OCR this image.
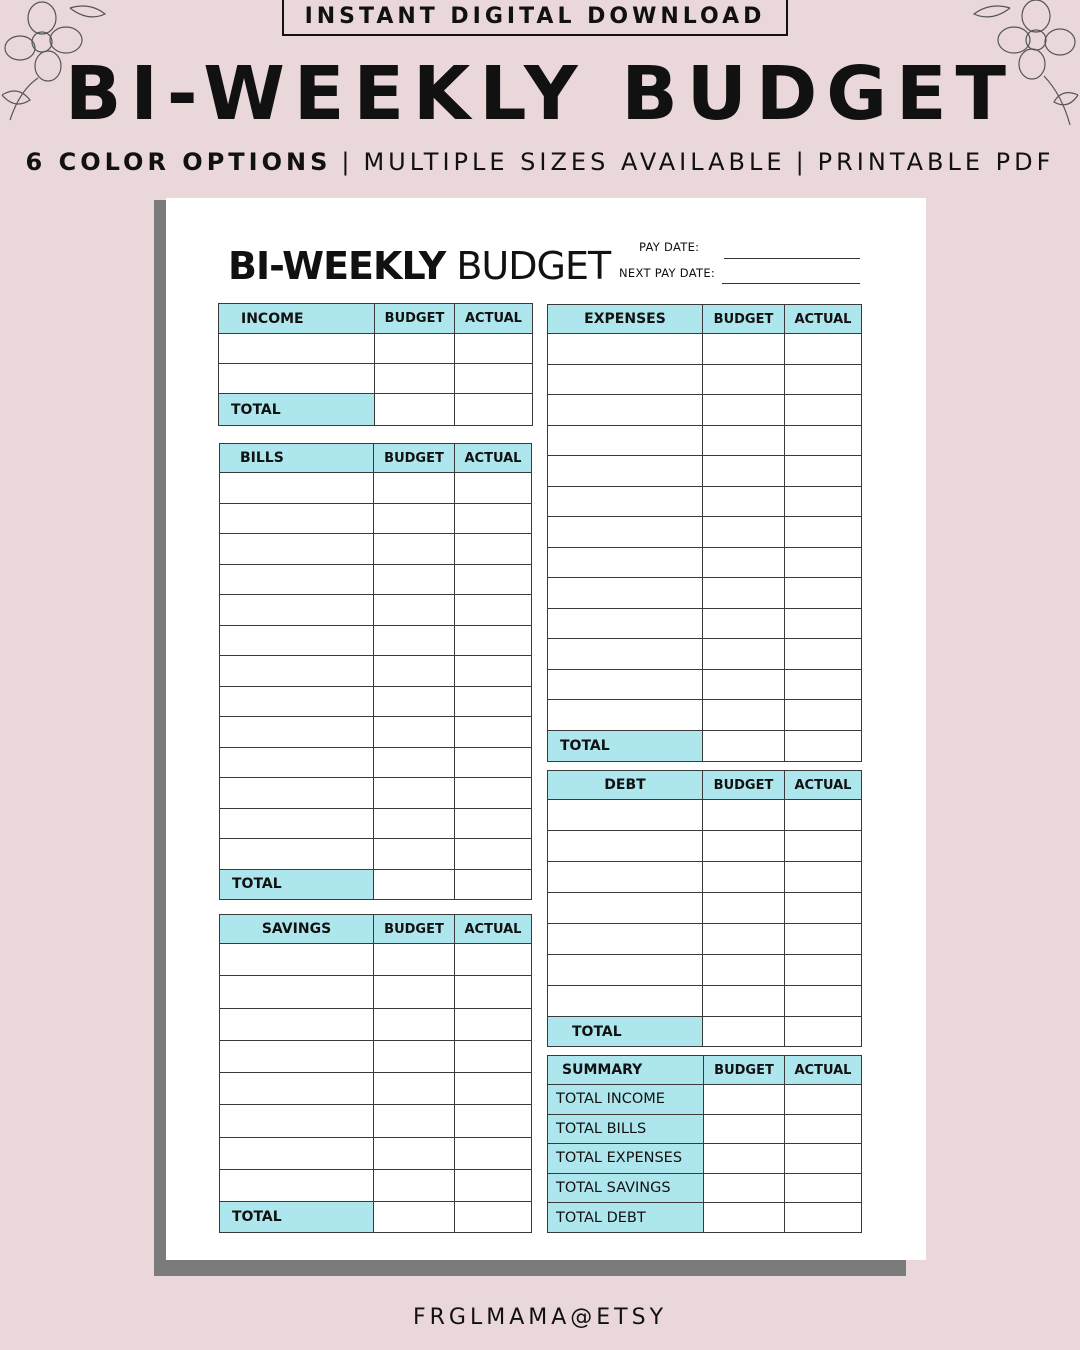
INSTANT DIGITAL DOWNLOAD
BI-WEEKLY BUDGET
6 COLOR OPTIONS | MULTIPLE SIZES AVAILABLE | PRINTABLE PDF
BI-WEEKLY BUDGET	PAY DATE:
NEXT PAY DATE:
INCOME	BUDGET	ACTUAL

TOTAL		
BILLS	BUDGET	ACTUAL

TOTAL		
SAVINGS	BUDGET	ACTUAL

TOTAL		
EXPENSES	BUDGET	ACTUAL

TOTAL		
DEBT	BUDGET	ACTUAL

TOTAL		
SUMMARY	BUDGET	ACTUAL
TOTAL INCOME		
TOTAL BILLS		
TOTAL EXPENSES		
TOTAL SAVINGS		
TOTAL DEBT		
FRGLMAMA@ETSY
